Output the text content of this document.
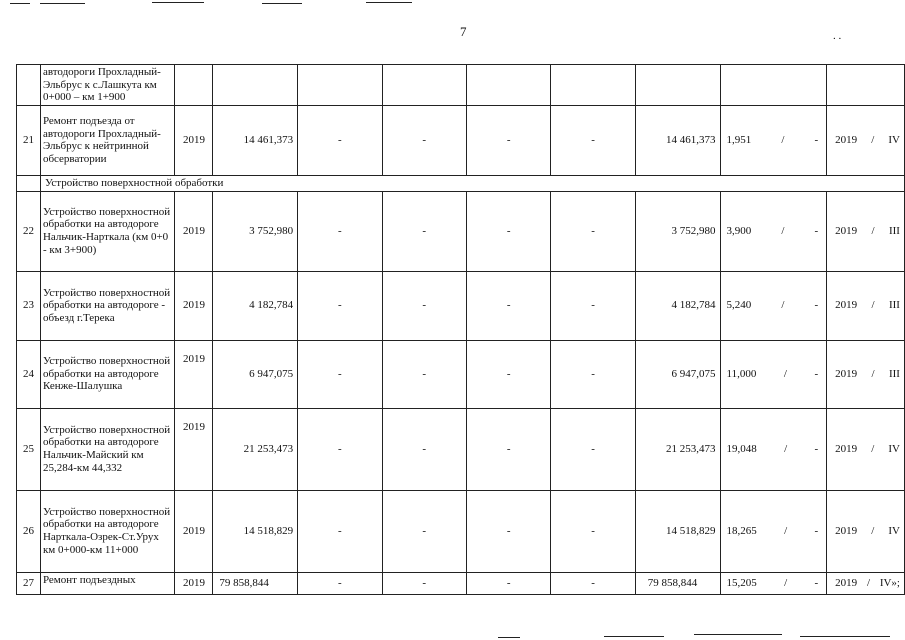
7	. .
	автодороги Прохладный-Эльбрус к с.Лашкута км 0+000 – км 1+900									
21	Ремонт подъезда от автодороги Прохладный-Эльбрус к нейтринной обсерватории	2019	14 461,373	-	-	-	-	14 461,373	1,951 / -	2019 / IV

	Устройство поверхностной обработки									
22	Устройство поверхностной обработки на автодороге Нальчик-Нарткала (км 0+0 - км 3+900)	2019	3 752,980	-	-	-	-	3 752,980	3,900 / -	2019 / III

23	Устройство поверхностной обработки на автодороге - объезд г.Терека	2019	4 182,784	-	-	-	-	4 182,784	5,240 / -	2019 / III

24	Устройство поверхностной обработки на автодороге Кенже-Шалушка	2019	6 947,075	-	-	-	-	6 947,075	11,000 / -	2019 / III

25	Устройство поверхностной обработки на автодороге Нальчик-Майский км 25,284-км 44,332	2019	21 253,473	-	-	-	-	21 253,473	19,048 / -	2019 / IV

26	Устройство поверхностной обработки на автодороге Нарткала-Озрек-Ст.Урух км 0+000-км 11+000	2019	14 518,829	-	-	-	-	14 518,829	18,265 / -	2019 / IV

27	Ремонт подъездных	2019	79 858,844	-	-	-	-	79 858,844	15,205 / -	2019 / IV»;
